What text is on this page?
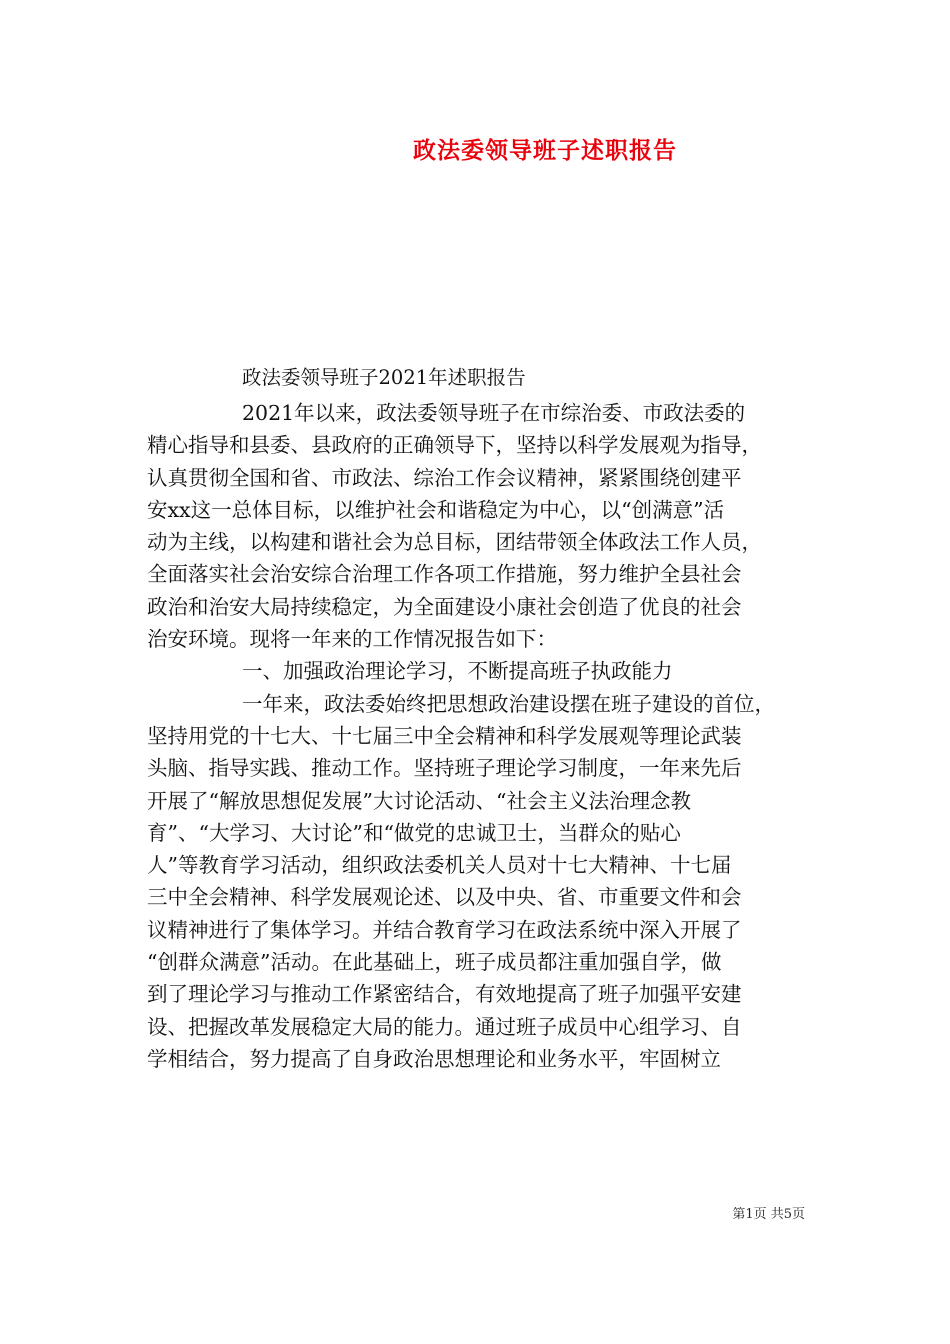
政法委领导班子述职报告
政法委领导班子2021年述职报告
2021年以来，政法委领导班子在市综治委、市政法委的
精心指导和县委、县政府的正确领导下，坚持以科学发展观为指导，
认真贯彻全国和省、市政法、综治工作会议精神，紧紧围绕创建平
安xx这一总体目标，以维护社会和谐稳定为中心，以“创满意”活
动为主线，以构建和谐社会为总目标，团结带领全体政法工作人员，
全面落实社会治安综合治理工作各项工作措施，努力维护全县社会
政治和治安大局持续稳定，为全面建设小康社会创造了优良的社会
治安环境。现将一年来的工作情况报告如下：
一、加强政治理论学习，不断提高班子执政能力
一年来，政法委始终把思想政治建设摆在班子建设的首位，
坚持用党的十七大、十七届三中全会精神和科学发展观等理论武装
头脑、指导实践、推动工作。坚持班子理论学习制度，一年来先后
开展了“解放思想促发展”大讨论活动、“社会主义法治理念教
育”、“大学习、大讨论”和“做党的忠诚卫士，当群众的贴心
人”等教育学习活动，组织政法委机关人员对十七大精神、十七届
三中全会精神、科学发展观论述、以及中央、省、市重要文件和会
议精神进行了集体学习。并结合教育学习在政法系统中深入开展了
“创群众满意”活动。在此基础上，班子成员都注重加强自学，做
到了理论学习与推动工作紧密结合，有效地提高了班子加强平安建
设、把握改革发展稳定大局的能力。通过班子成员中心组学习、自
学相结合，努力提高了自身政治思想理论和业务水平，牢固树立
第1页 共5页
